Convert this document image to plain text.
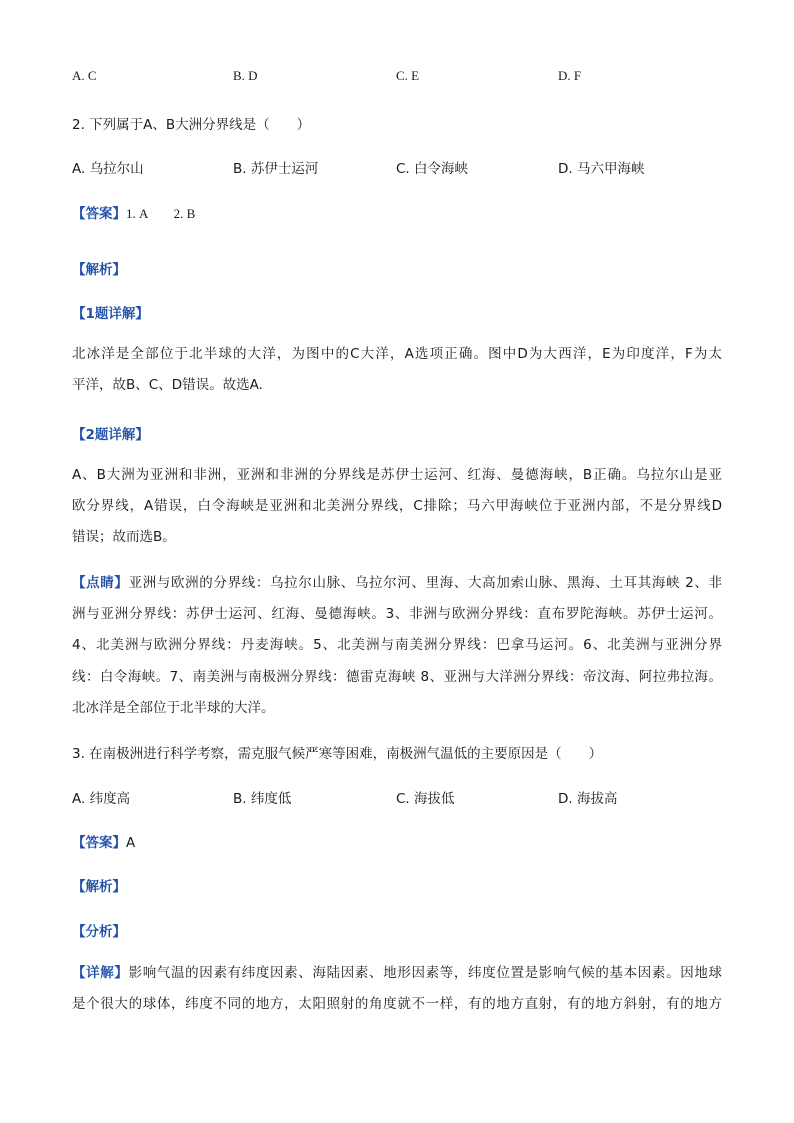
A. C	B. D	C. E	D. F
2. 下列属于A、B大洲分界线是（　　）
A. 乌拉尔山	B. 苏伊士运河	C. 白令海峡	D. 马六甲海峡
【答案】1. A　　2. B
【解析】
【1题详解】
北冰洋是全部位于北半球的大洋，为图中的C大洋，A选项正确。图中D为大西洋，E为印度洋，F为太
平洋，故B、C、D错误。故选A.
【2题详解】
A、B大洲为亚洲和非洲，亚洲和非洲的分界线是苏伊士运河、红海、曼德海峡，B正确。乌拉尔山是亚
欧分界线，A错误，白令海峡是亚洲和北美洲分界线，C排除；马六甲海峡位于亚洲内部，不是分界线D
错误；故而选B。
【点睛】亚洲与欧洲的分界线：乌拉尔山脉、乌拉尔河、里海、大高加索山脉、黑海、土耳其海峡 2、非
洲与亚洲分界线：苏伊士运河、红海、曼德海峡。3、非洲与欧洲分界线：直布罗陀海峡。苏伊士运河。
4、北美洲与欧洲分界线：丹麦海峡。5、北美洲与南美洲分界线：巴拿马运河。6、北美洲与亚洲分界
线：白令海峡。7、南美洲与南极洲分界线：德雷克海峡 8、亚洲与大洋洲分界线：帝汶海、阿拉弗拉海。
北冰洋是全部位于北半球的大洋。
3. 在南极洲进行科学考察，需克服气候严寒等困难，南极洲气温低的主要原因是（　　）
A. 纬度高	B. 纬度低	C. 海拔低	D. 海拔高
【答案】A
【解析】
【分析】
【详解】影响气温的因素有纬度因素、海陆因素、地形因素等，纬度位置是影响气候的基本因素。因地球
是个很大的球体，纬度不同的地方，太阳照射的角度就不一样，有的地方直射，有的地方斜射，有的地方
